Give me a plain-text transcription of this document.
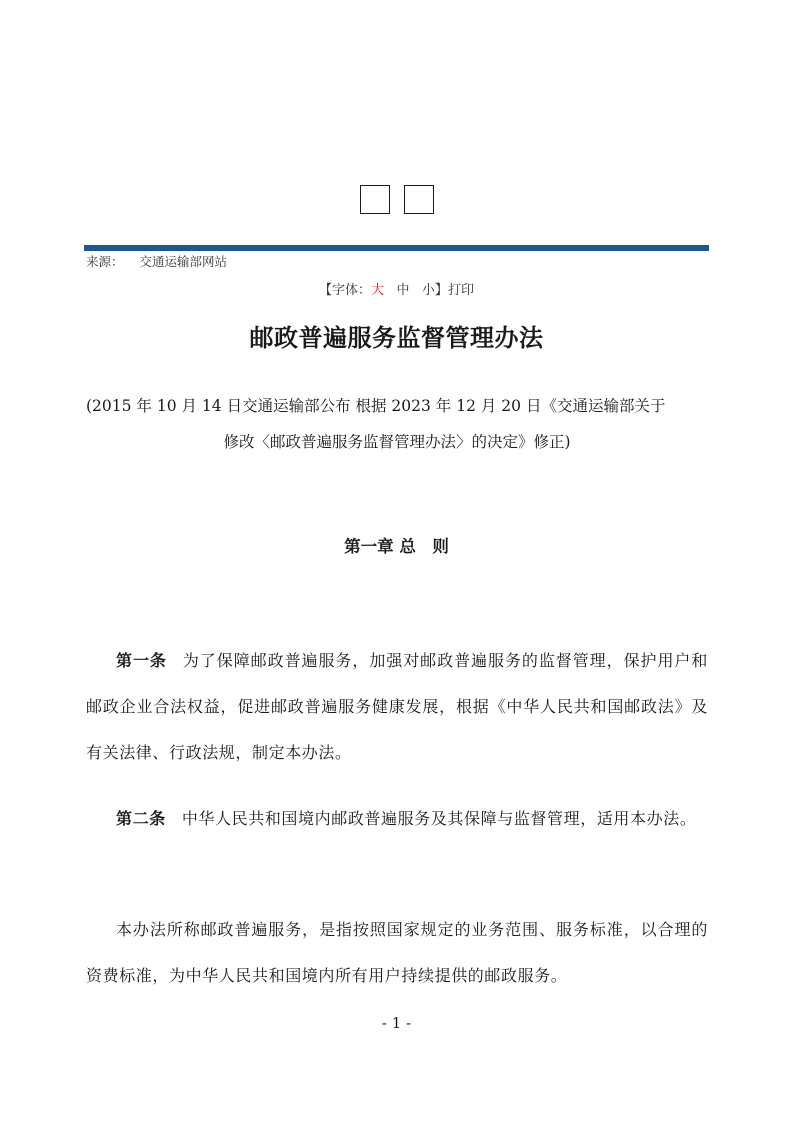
来源： 交通运输部网站
【字体：大 中 小】打印
邮政普遍服务监督管理办法
(2015 年 10 月 14 日交通运输部公布 根据 2023 年 12 月 20 日《交通运输部关于
修改〈邮政普遍服务监督管理办法〉的决定》修正)
第一章 总　则

第一条 为了保障邮政普遍服务，加强对邮政普遍服务的监督管理，保护用户和邮政企业合法权益，促进邮政普遍服务健康发展，根据《中华人民共和国邮政法》及有关法律、行政法规，制定本办法。

第二条 中华人民共和国境内邮政普遍服务及其保障与监督管理，适用本办法。

本办法所称邮政普遍服务，是指按照国家规定的业务范围、服务标准，以合理的资费标准，为中华人民共和国境内所有用户持续提供的邮政服务。

- 1 -
